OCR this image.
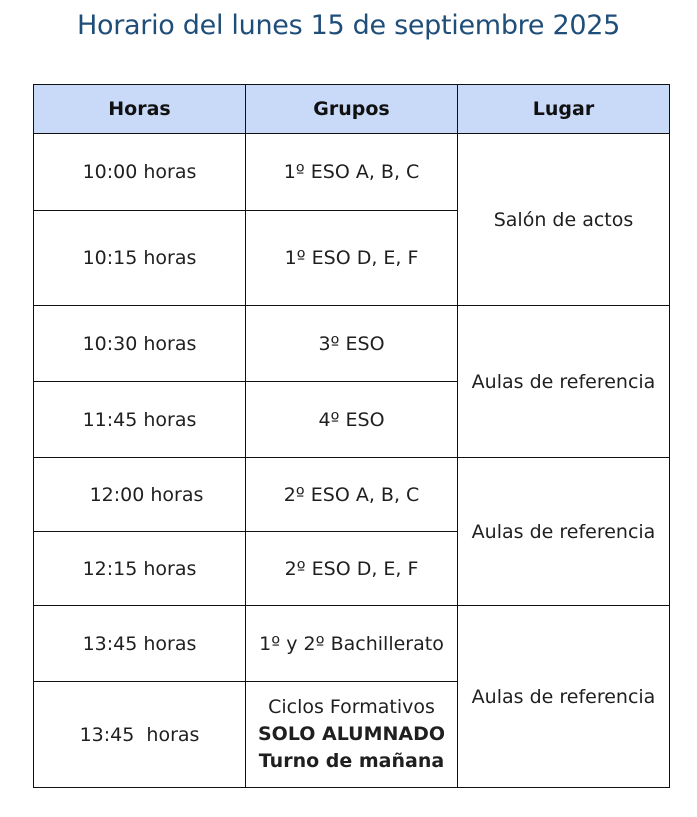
Horario del lunes 15 de septiembre 2025
Horas	Grupos	Lugar
10:00 horas	1º ESO A, B, C	Salón de actos
10:15 horas	1º ESO D, E, F	
10:30 horas	3º ESO	Aulas de referencia
11:45 horas	4º ESO	
12:00 horas	2º ESO A, B, C	Aulas de referencia
12:15 horas	2º ESO D, E, F	
13:45 horas	1º y 2º Bachillerato	Aulas de referencia
13:45  horas	Ciclos Formativos
SOLO ALUMNADO
Turno de mañana	
